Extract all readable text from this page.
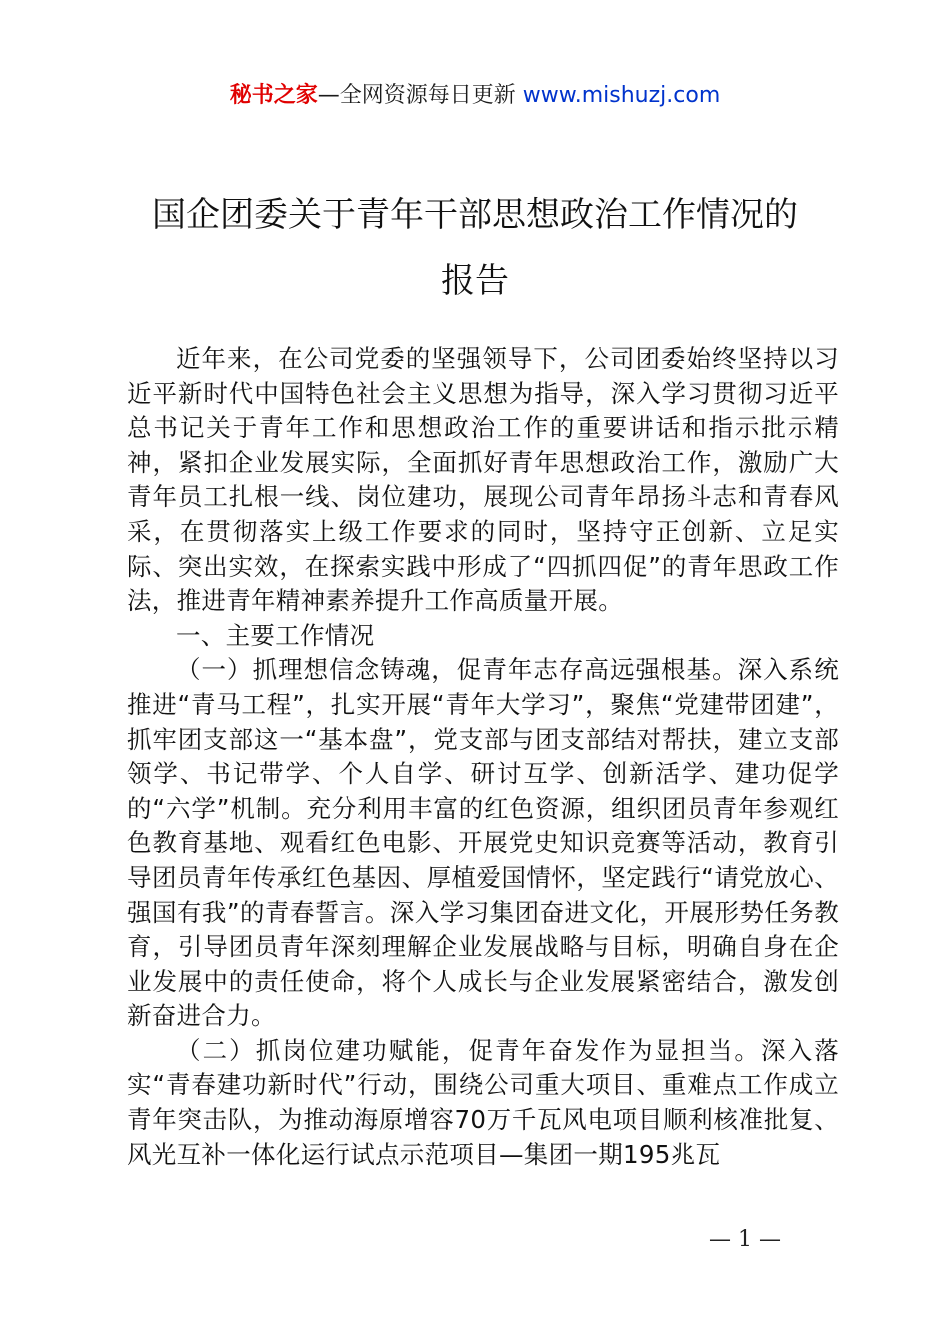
秘书之家—全网资源每日更新 www.mishuzj.com
国企团委关于青年干部思想政治工作情况的
报告

近年来，在公司党委的坚强领导下，公司团委始终坚持以习近平新时代中国特色社会主义思想为指导，深入学习贯彻习近平总书记关于青年工作和思想政治工作的重要讲话和指示批示精神，紧扣企业发展实际，全面抓好青年思想政治工作，激励广大青年员工扎根一线、岗位建功，展现公司青年昂扬斗志和青春风采，在贯彻落实上级工作要求的同时，坚持守正创新、立足实际、突出实效，在探索实践中形成了“四抓四促”的青年思政工作法，推进青年精神素养提升工作高质量开展。

一、主要工作情况

（一）抓理想信念铸魂，促青年志存高远强根基。深入系统推进“青马工程”，扎实开展“青年大学习”，聚焦“党建带团建”，抓牢团支部这一“基本盘”，党支部与团支部结对帮扶，建立支部领学、书记带学、个人自学、研讨互学、创新活学、建功促学的“六学”机制。充分利用丰富的红色资源，组织团员青年参观红色教育基地、观看红色电影、开展党史知识竞赛等活动，教育引导团员青年传承红色基因、厚植爱国情怀，坚定践行“请党放心、强国有我”的青春誓言。深入学习集团奋进文化，开展形势任务教育，引导团员青年深刻理解企业发展战略与目标，明确自身在企业发展中的责任使命，将个人成长与企业发展紧密结合，激发创新奋进合力。

（二）抓岗位建功赋能，促青年奋发作为显担当。深入落实“青春建功新时代”行动，围绕公司重大项目、重难点工作成立青年突击队，为推动海原增容70万千瓦风电项目顺利核准批复、风光互补一体化运行试点示范项目—集团一期195兆瓦

— 1 —
